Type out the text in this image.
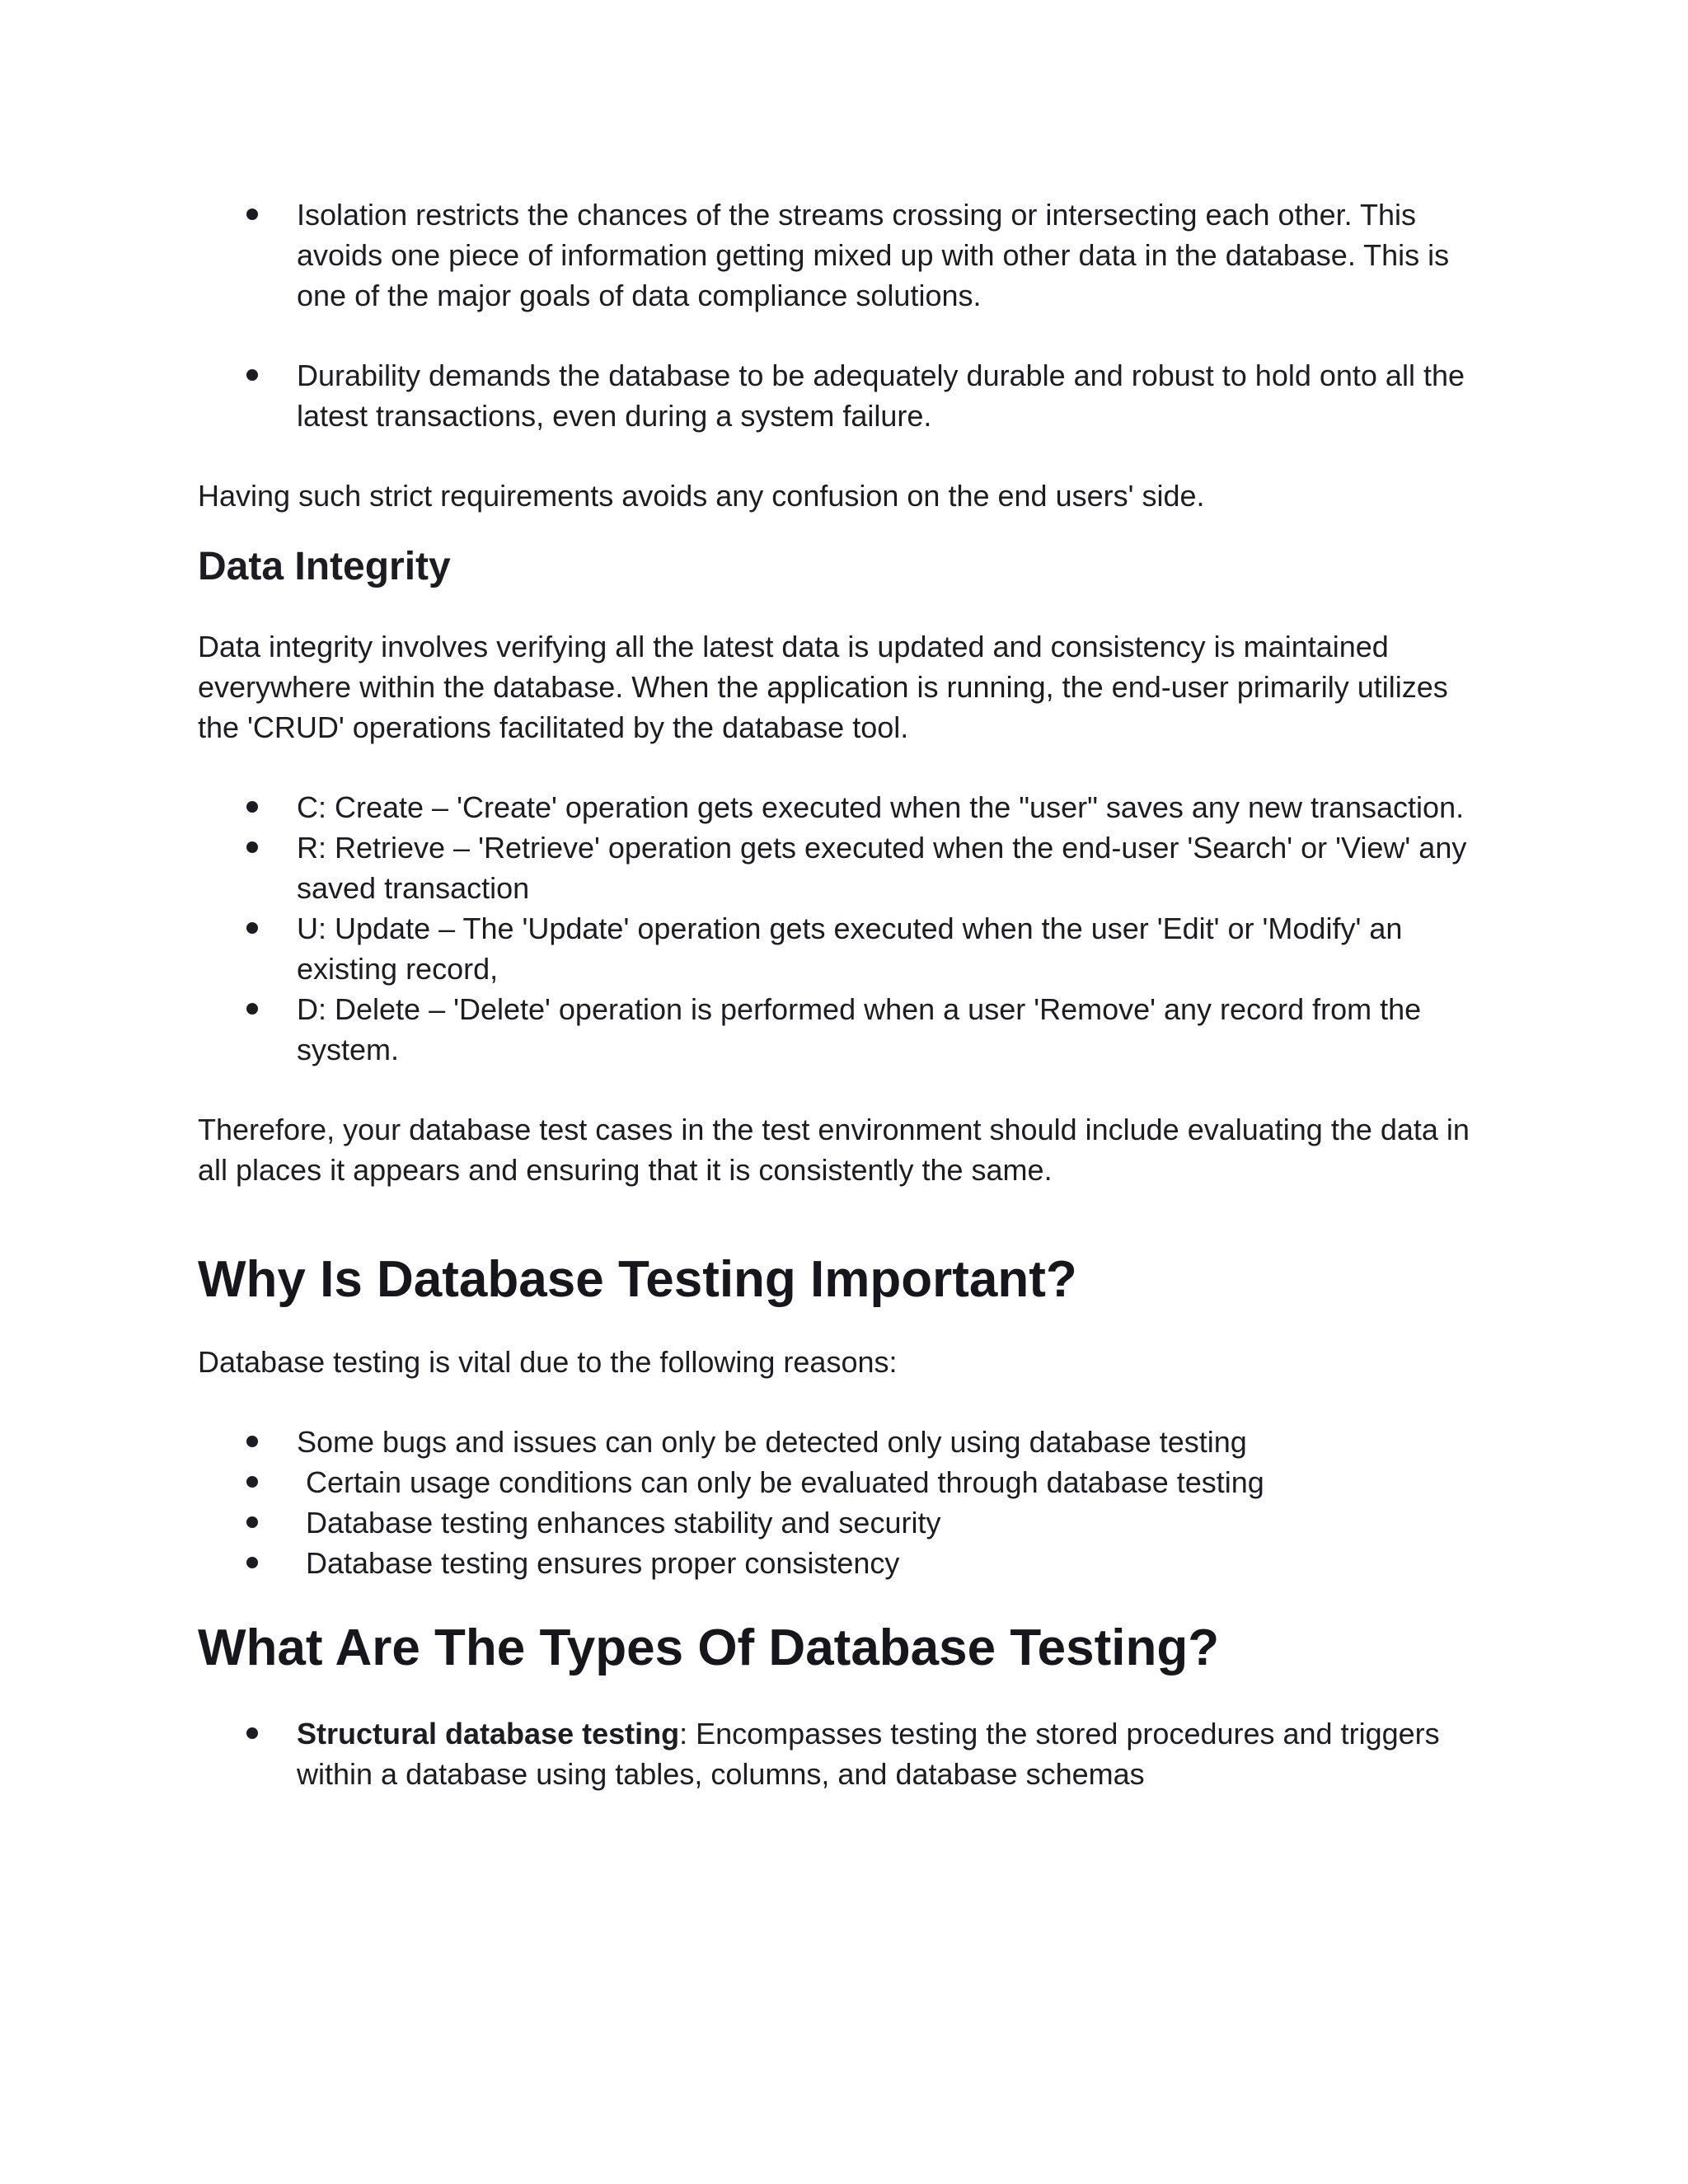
Isolation restricts the chances of the streams crossing or intersecting each other. This avoids one piece of information getting mixed up with other data in the database. This is one of the major goals of data compliance solutions.
Durability demands the database to be adequately durable and robust to hold onto all the latest transactions, even during a system failure.

Having such strict requirements avoids any confusion on the end users' side.

Data Integrity

Data integrity involves verifying all the latest data is updated and consistency is maintained everywhere within the database. When the application is running, the end-user primarily utilizes the 'CRUD' operations facilitated by the database tool.

C: Create – 'Create' operation gets executed when the "user" saves any new transaction.
R: Retrieve – 'Retrieve' operation gets executed when the end-user 'Search' or 'View' any saved transaction
U: Update – The 'Update' operation gets executed when the user 'Edit' or 'Modify' an existing record,
D: Delete – 'Delete' operation is performed when a user 'Remove' any record from the system.

Therefore, your database test cases in the test environment should include evaluating the data in all places it appears and ensuring that it is consistently the same.

Why Is Database Testing Important?

Database testing is vital due to the following reasons:

Some bugs and issues can only be detected only using database testing
Certain usage conditions can only be evaluated through database testing
Database testing enhances stability and security
Database testing ensures proper consistency
What Are The Types Of Database Testing?
Structural database testing: Encompasses testing the stored procedures and triggers within a database using tables, columns, and database schemas
